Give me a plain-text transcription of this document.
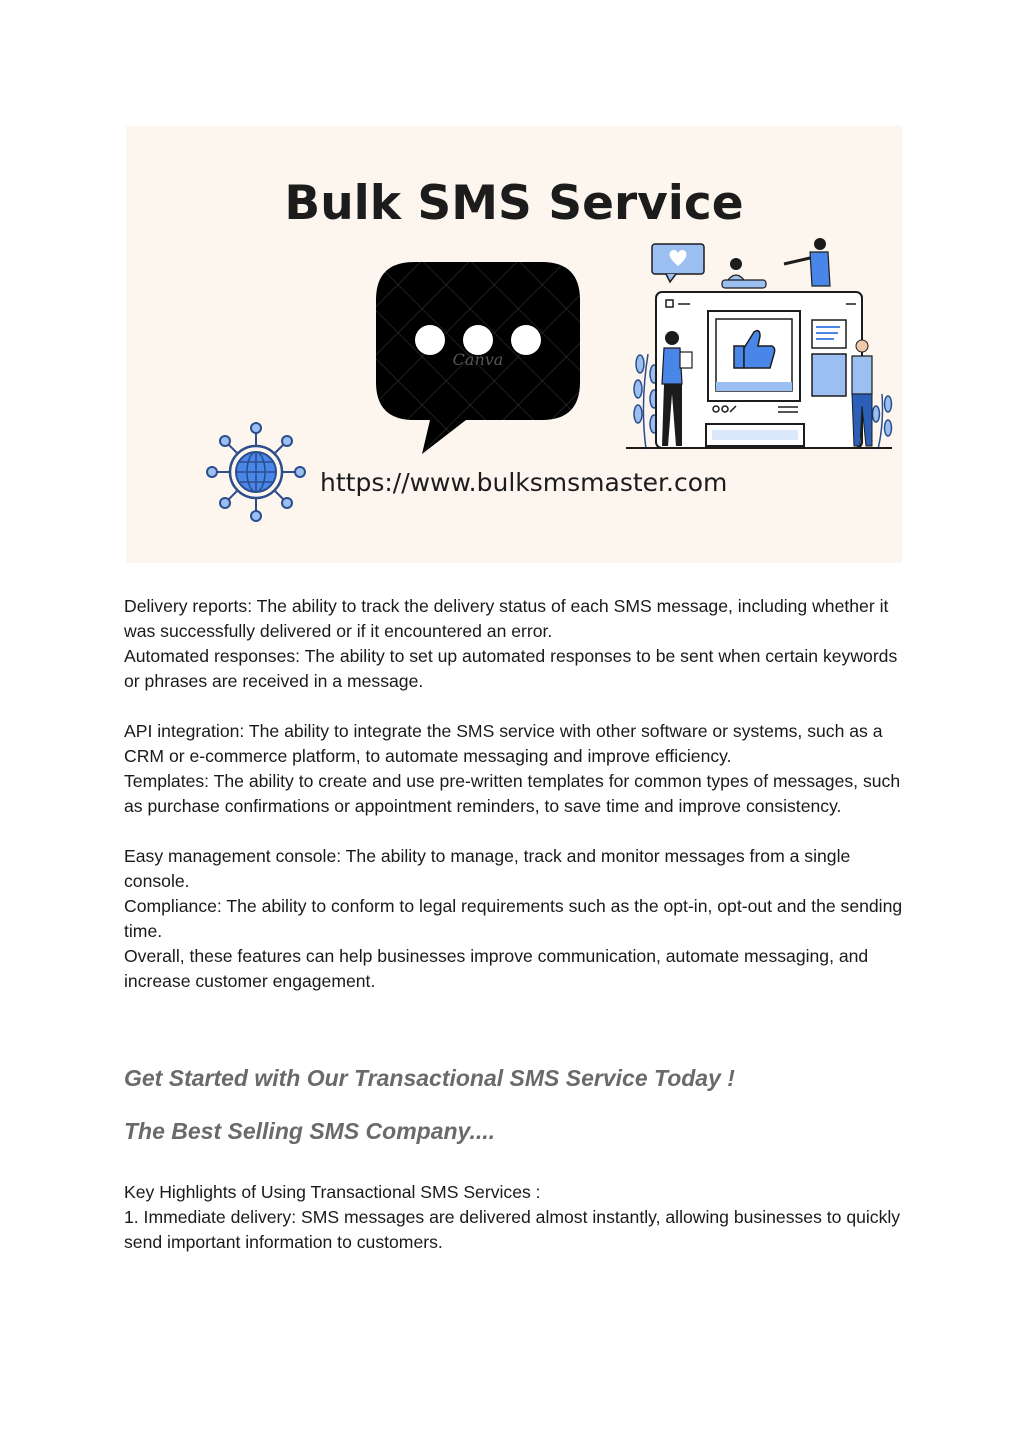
Bulk SMS Service
Canva
https://www.bulksmsmaster.com

Delivery reports: The ability to track the delivery status of each SMS message, including whether it was successfully delivered or if it encountered an error.

Automated responses: The ability to set up automated responses to be sent when certain keywords or phrases are received in a message.

API integration: The ability to integrate the SMS service with other software or systems, such as a CRM or e-commerce platform, to automate messaging and improve efficiency.

Templates: The ability to create and use pre-written templates for common types of messages, such as purchase confirmations or appointment reminders, to save time and improve consistency.

Easy management console: The ability to manage, track and monitor messages from a single console.

Compliance: The ability to conform to legal requirements such as the opt-in, opt-out and the sending time.

Overall, these features can help businesses improve communication, automate messaging, and increase customer engagement.

Get Started with Our Transactional SMS Service Today !
The Best Selling SMS Company....

Key Highlights of Using Transactional SMS Services :

1. Immediate delivery: SMS messages are delivered almost instantly, allowing businesses to quickly send important information to customers.
